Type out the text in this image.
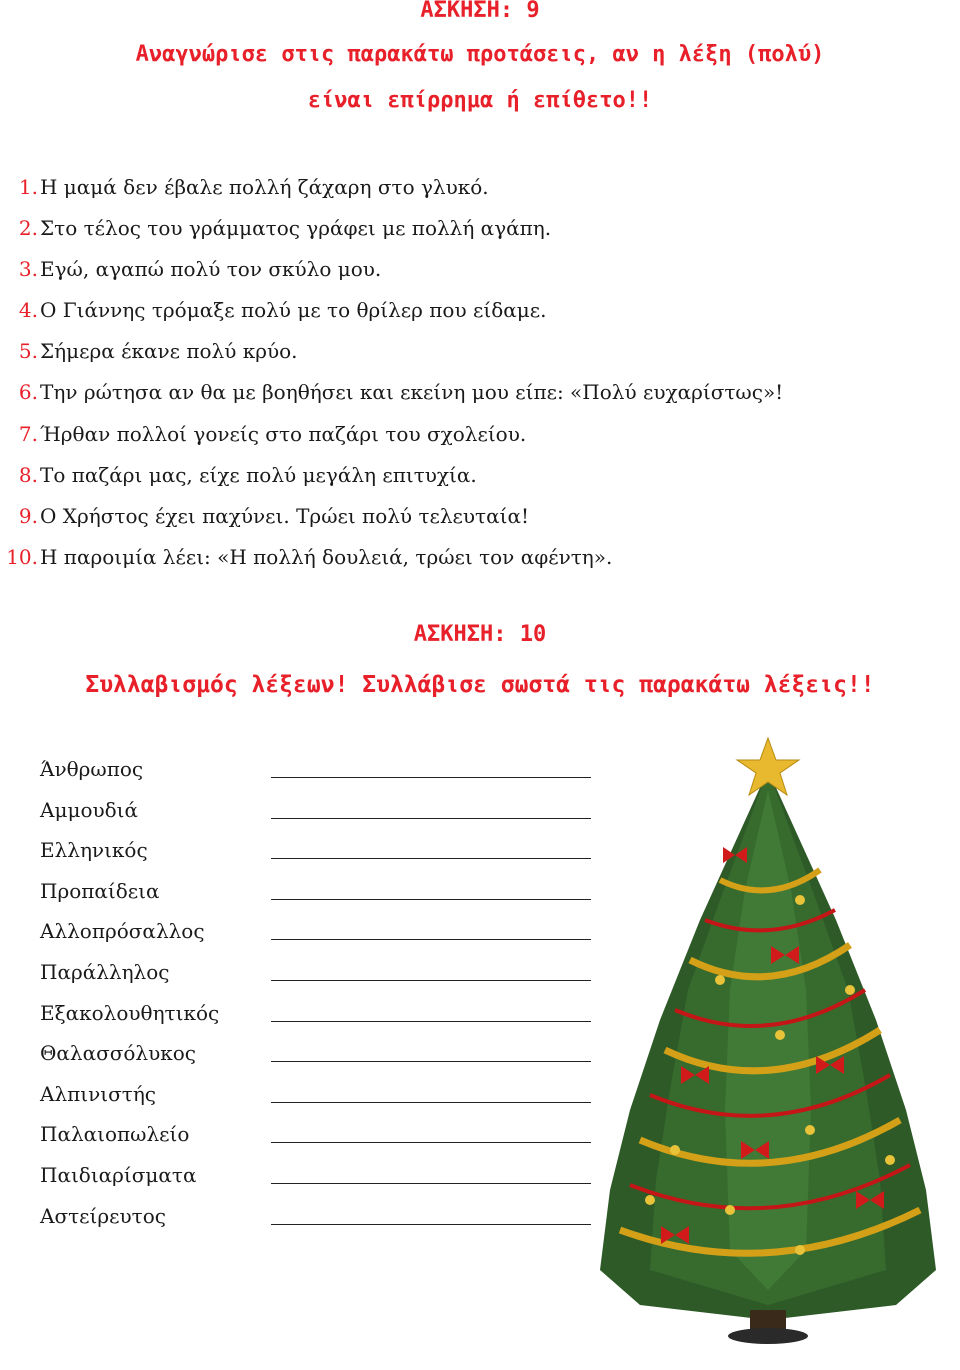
ΑΣΚΗΣΗ: 9
Αναγνώρισε στις παρακάτω προτάσεις, αν η λέξη (πολύ)
είναι επίρρημα ή επίθετο!!
1. Η μαμά δεν έβαλε πολλή ζάχαρη στο γλυκό.
2. Στο τέλος του γράμματος γράφει με πολλή αγάπη.
3. Εγώ, αγαπώ πολύ τον σκύλο μου.
4. Ο Γιάννης τρόμαξε πολύ με το θρίλερ που είδαμε.
5. Σήμερα έκανε πολύ κρύο.
6. Την ρώτησα αν θα με βοηθήσει και εκείνη μου είπε: «Πολύ ευχαρίστως»!
7. Ήρθαν πολλοί γονείς στο παζάρι του σχολείου.
8. Το παζάρι μας, είχε πολύ μεγάλη επιτυχία.
9. Ο Χρήστος έχει παχύνει. Τρώει πολύ τελευταία!
10. Η παροιμία λέει: «Η πολλή δουλειά, τρώει τον αφέντη».
ΑΣΚΗΣΗ: 10
Συλλαβισμός λέξεων! Συλλάβισε σωστά τις παρακάτω λέξεις!!
Άνθρωπος
Αμμουδιά
Ελληνικός
Προπαίδεια
Αλλοπρόσαλλος
Παράλληλος
Εξακολουθητικός
Θαλασσόλυκος
Αλπινιστής
Παλαιοπωλείο
Παιδιαρίσματα
Αστείρευτος
